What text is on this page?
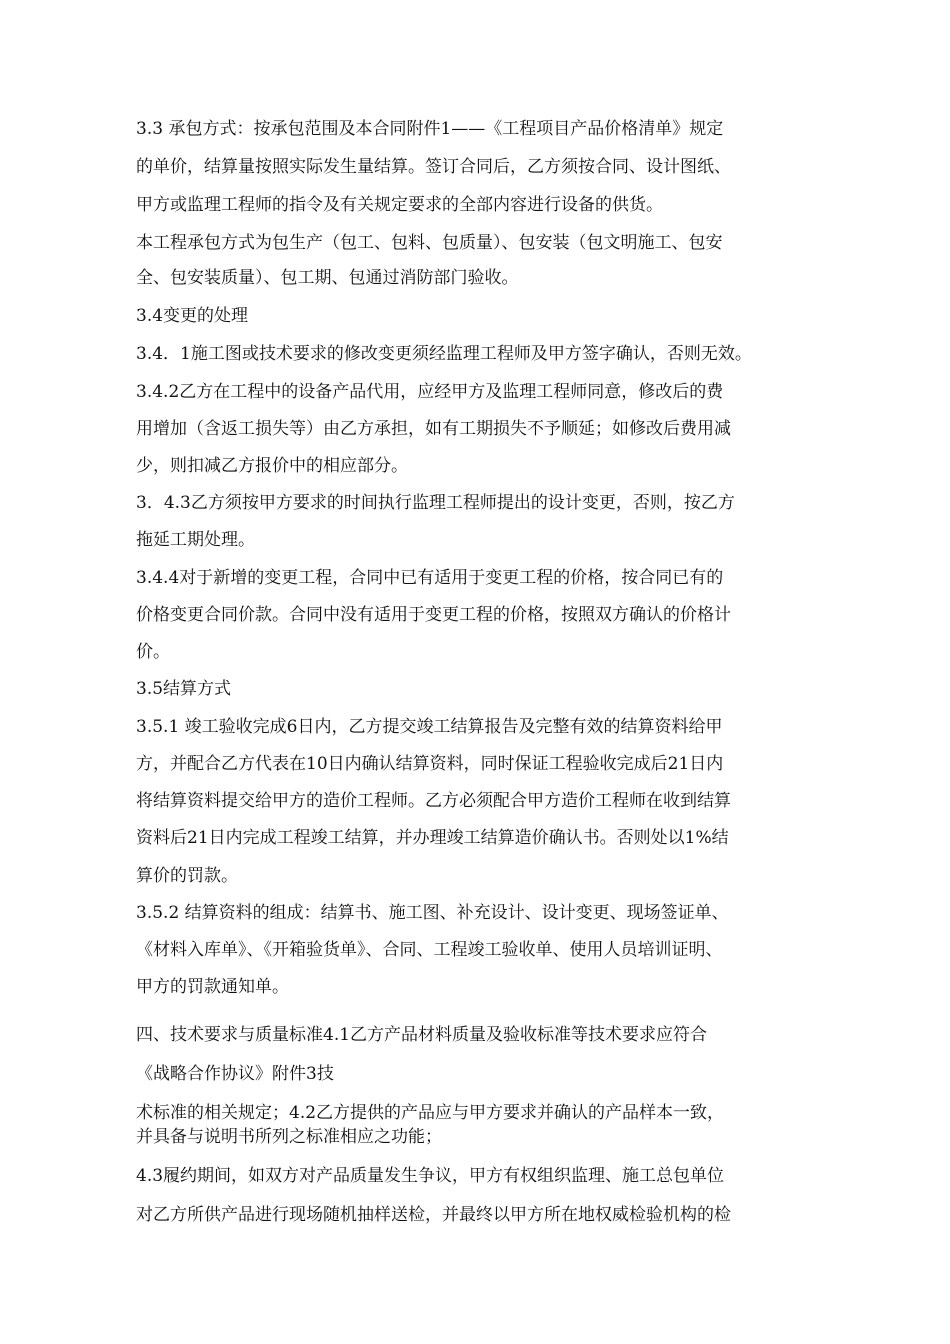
3.3 承包方式：按承包范围及本合同附件1——《工程项目产品价格清单》规定
的单价，结算量按照实际发生量结算。签订合同后，乙方须按合同、设计图纸、
甲方或监理工程师的指令及有关规定要求的全部内容进行设备的供货。
本工程承包方式为包生产（包工、包料、包质量）、包安装（包文明施工、包安
全、包安装质量）、包工期、包通过消防部门验收。
3.4变更的处理
3.4．1施工图或技术要求的修改变更须经监理工程师及甲方签字确认，否则无效。
3.4.2乙方在工程中的设备产品代用，应经甲方及监理工程师同意，修改后的费
用增加（含返工损失等）由乙方承担，如有工期损失不予顺延；如修改后费用减
少，则扣减乙方报价中的相应部分。
3．4.3乙方须按甲方要求的时间执行监理工程师提出的设计变更，否则，按乙方
拖延工期处理。
3.4.4对于新增的变更工程，合同中已有适用于变更工程的价格，按合同已有的
价格变更合同价款。合同中没有适用于变更工程的价格，按照双方确认的价格计
价。
3.5结算方式
3.5.1 竣工验收完成6日内，乙方提交竣工结算报告及完整有效的结算资料给甲
方，并配合乙方代表在10日内确认结算资料，同时保证工程验收完成后21日内
将结算资料提交给甲方的造价工程师。乙方必须配合甲方造价工程师在收到结算
资料后21日内完成工程竣工结算，并办理竣工结算造价确认书。否则处以1%结
算价的罚款。
3.5.2 结算资料的组成：结算书、施工图、补充设计、设计变更、现场签证单、
《材料入库单》、《开箱验货单》、合同、工程竣工验收单、使用人员培训证明、
甲方的罚款通知单。
四、技术要求与质量标准4.1乙方产品材料质量及验收标准等技术要求应符合
《战略合作协议》附件3技
术标准的相关规定；4.2乙方提供的产品应与甲方要求并确认的产品样本一致，
并具备与说明书所列之标准相应之功能；
4.3履约期间，如双方对产品质量发生争议，甲方有权组织监理、施工总包单位
对乙方所供产品进行现场随机抽样送检，并最终以甲方所在地权威检验机构的检
